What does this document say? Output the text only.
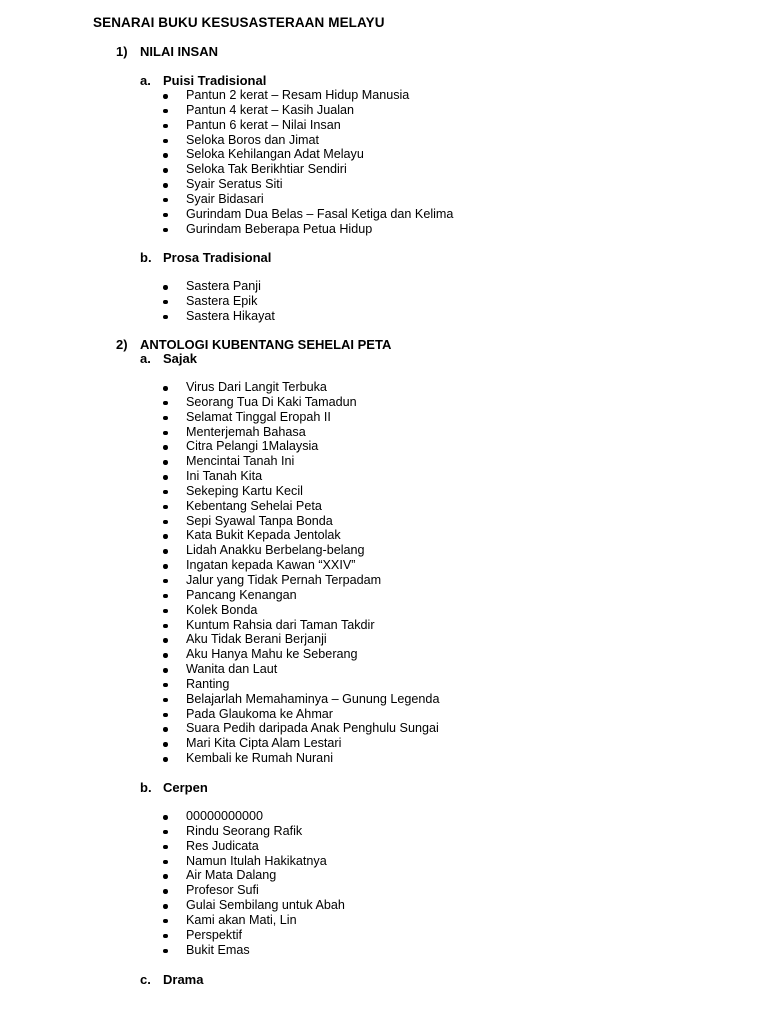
SENARAI BUKU KESUSASTERAAN MELAYU
1) NILAI INSAN
a. Puisi Tradisional
Pantun 2 kerat – Resam Hidup Manusia
Pantun 4 kerat – Kasih Jualan
Pantun 6 kerat – Nilai Insan
Seloka Boros dan Jimat
Seloka Kehilangan Adat Melayu
Seloka Tak Berikhtiar Sendiri
Syair Seratus Siti
Syair Bidasari
Gurindam Dua Belas – Fasal Ketiga dan Kelima
Gurindam Beberapa Petua Hidup
b. Prosa Tradisional
Sastera Panji
Sastera Epik
Sastera Hikayat
2) ANTOLOGI KUBENTANG SEHELAI PETA
a. Sajak
Virus Dari Langit Terbuka
Seorang Tua Di Kaki Tamadun
Selamat Tinggal Eropah II
Menterjemah Bahasa
Citra Pelangi 1Malaysia
Mencintai Tanah Ini
Ini Tanah Kita
Sekeping Kartu Kecil
Kebentang Sehelai Peta
Sepi Syawal Tanpa Bonda
Kata Bukit Kepada Jentolak
Lidah Anakku Berbelang-belang
Ingatan kepada Kawan “XXIV”
Jalur yang Tidak Pernah Terpadam
Pancang Kenangan
Kolek Bonda
Kuntum Rahsia dari Taman Takdir
Aku Tidak Berani Berjanji
Aku Hanya Mahu ke Seberang
Wanita dan Laut
Ranting
Belajarlah Memahaminya – Gunung Legenda
Pada Glaukoma ke Ahmar
Suara Pedih daripada Anak Penghulu Sungai
Mari Kita Cipta Alam Lestari
Kembali ke Rumah Nurani
b. Cerpen
00000000000
Rindu Seorang Rafik
Res Judicata
Namun Itulah Hakikatnya
Air Mata Dalang
Profesor Sufi
Gulai Sembilang untuk Abah
Kami akan Mati, Lin
Perspektif
Bukit Emas
c. Drama
